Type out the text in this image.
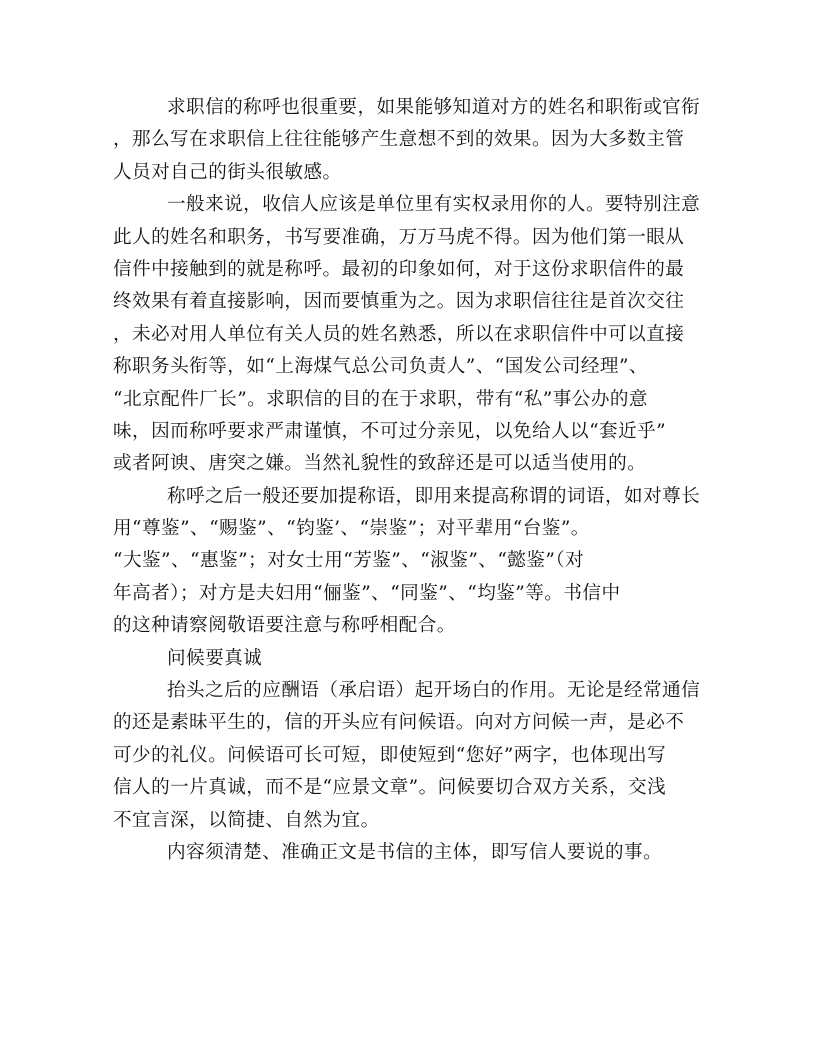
求职信的称呼也很重要，如果能够知道对方的姓名和职衔或官衔
，那么写在求职信上往往能够产生意想不到的效果。因为大多数主管
人员对自己的街头很敏感。
一般来说，收信人应该是单位里有实权录用你的人。要特别注意
此人的姓名和职务，书写要准确，万万马虎不得。因为他们第一眼从
信件中接触到的就是称呼。最初的印象如何，对于这份求职信件的最
终效果有着直接影响，因而要慎重为之。因为求职信往往是首次交往
，未必对用人单位有关人员的姓名熟悉，所以在求职信件中可以直接
称职务头衔等，如“上海煤气总公司负责人”、“国发公司经理”、
“北京配件厂长”。求职信的目的在于求职，带有“私”事公办的意
味，因而称呼要求严肃谨慎，不可过分亲见，以免给人以“套近乎”
或者阿谀、唐突之嫌。当然礼貌性的致辞还是可以适当使用的。
称呼之后一般还要加提称语，即用来提高称谓的词语，如对尊长
用“尊鉴”、“赐鉴”、“钧鉴’、“崇鉴”；对平辈用“台鉴”。
“大鉴”、“惠鉴”；对女士用“芳鉴”、“淑鉴”、“懿鉴”（对
年高者）；对方是夫妇用“俪鉴”、“同鉴”、“均鉴”等。书信中
的这种请察阅敬语要注意与称呼相配合。
问候要真诚
抬头之后的应酬语（承启语）起开场白的作用。无论是经常通信
的还是素昧平生的，信的开头应有问候语。向对方问候一声，是必不
可少的礼仪。问候语可长可短，即使短到“您好”两字，也体现出写
信人的一片真诚，而不是“应景文章”。问候要切合双方关系，交浅
不宜言深，以简捷、自然为宜。
内容须清楚、准确正文是书信的主体，即写信人要说的事。
